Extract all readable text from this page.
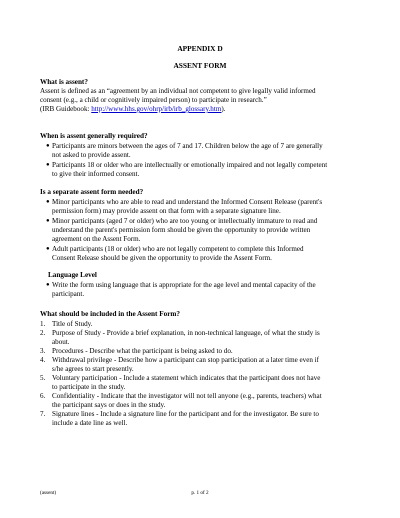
APPENDIX D
ASSENT FORM
What is assent?
Assent is defined as an “agreement by an individual not competent to give legally valid informed
consent (e.g., a child or cognitively impaired person) to participate in research.”
(IRB Guidebook: http://www.hhs.gov/ohrp/irb/irb_glossary.htm).
When is assent generally required?
● Participants are minors between the ages of 7 and 17. Children below the age of 7 are generally
not asked to provide assent.
● Participants 18 or older who are intellectually or emotionally impaired and not legally competent
to give their informed consent.
Is a separate assent form needed?
● Minor participants who are able to read and understand the Informed Consent Release (parent's
permission form) may provide assent on that form with a separate signature line.
● Minor participants (aged 7 or older) who are too young or intellectually immature to read and
understand the parent's permission form should be given the opportunity to provide written
agreement on the Assent Form.
● Adult participants (18 or older) who are not legally competent to complete this Informed
Consent Release should be given the opportunity to provide the Assent Form.
Language Level
● Write the form using language that is appropriate for the age level and mental capacity of the
participant.
What should be included in the Assent Form?
1. Title of Study.
2. Purpose of Study - Provide a brief explanation, in non-technical language, of what the study is
about.
3. Procedures - Describe what the participant is being asked to do.
4. Withdrawal privilege - Describe how a participant can stop participation at a later time even if
s/he agrees to start presently.
5. Voluntary participation - Include a statement which indicates that the participant does not have
to participate in the study.
6. Confidentiality - Indicate that the investigator will not tell anyone (e.g., parents, teachers) what
the participant says or does in the study.
7. Signature lines - Include a signature line for the participant and for the investigator. Be sure to
include a date line as well.
(assent)	p. 1 of 2
